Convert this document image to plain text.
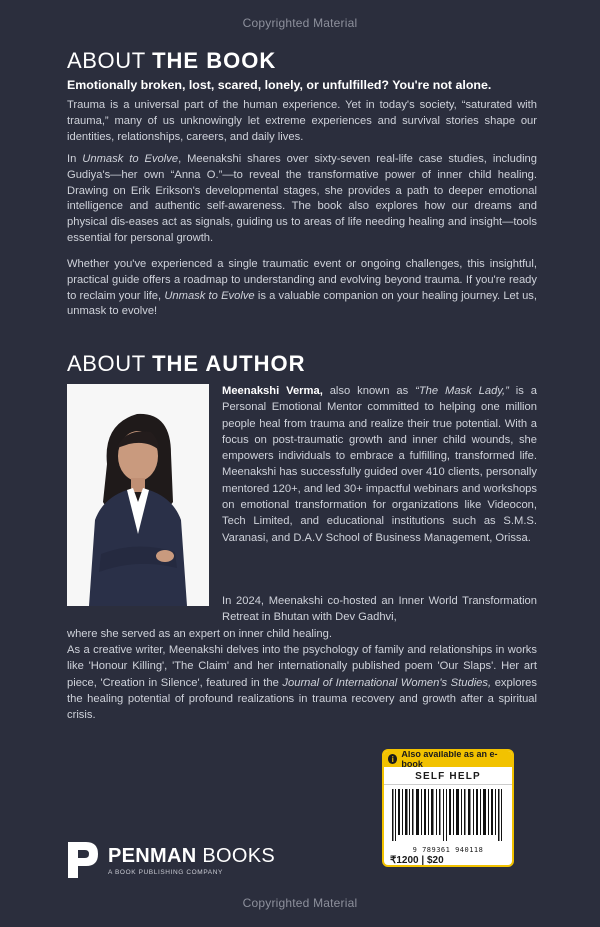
Copyrighted Material
ABOUT THE BOOK
Emotionally broken, lost, scared, lonely, or unfulfilled? You're not alone.

Trauma is a universal part of the human experience. Yet in today's society, “saturated with trauma,” many of us unknowingly let extreme experiences and survival stories shape our identities, relationships, careers, and daily lives.

In Unmask to Evolve, Meenakshi shares over sixty-seven real-life case studies, including Gudiya's—her own “Anna O.”—to reveal the transformative power of inner child healing. Drawing on Erik Erikson's developmental stages, she provides a path to deeper emotional intelligence and authentic self-awareness. The book also explores how our dreams and physical dis-eases act as signals, guiding us to areas of life needing healing and insight—tools essential for personal growth.

Whether you've experienced a single traumatic event or ongoing challenges, this insightful, practical guide offers a roadmap to understanding and evolving beyond trauma. If you're ready to reclaim your life, Unmask to Evolve is a valuable companion on your healing journey. Let us, unmask to evolve!

ABOUT THE AUTHOR

Meenakshi Verma, also known as “The Mask Lady,” is a Personal Emotional Mentor committed to helping one million people heal from trauma and realize their true potential. With a focus on post-traumatic growth and inner child wounds, she empowers individuals to embrace a fulfilling, transformed life. Meenakshi has successfully guided over 410 clients, personally mentored 120+, and led 30+ impactful webinars and workshops on emotional transformation for organizations like Videocon, Tech Limited, and educational institutions such as S.M.S. Varanasi, and D.A.V School of Business Management, Orissa.

In 2024, Meenakshi co-hosted an Inner World Transformation Retreat in Bhutan with Dev Gadhvi,

where she served as an expert on inner child healing.

As a creative writer, Meenakshi delves into the psychology of family and relationships in works like 'Honour Killing', 'The Claim' and her internationally published poem 'Our Slaps'. Her art piece, 'Creation in Silence', featured in the Journal of International Women's Studies, explores the healing potential of profound realizations in trauma recovery and growth after a spiritual crisis.

i Also available as an e-book
SELF HELP
9 789361 940118
₹1200 | $20
PENMAN BOOKS
A BOOK PUBLISHING COMPANY
Copyrighted Material
